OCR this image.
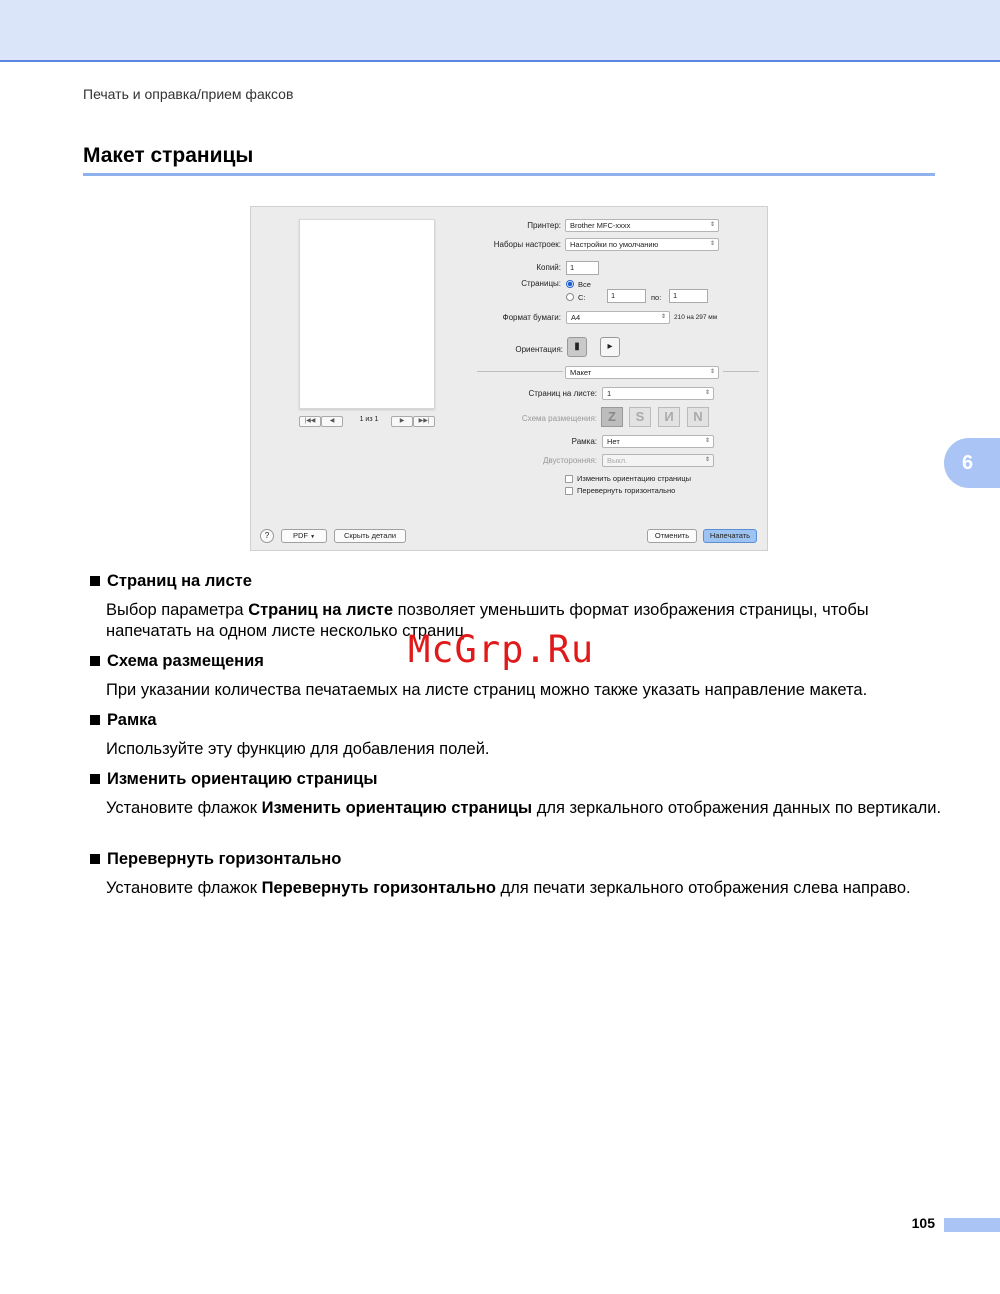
Печать и оправка/прием факсов
Макет страницы
|◀◀	◀	1 из 1	▶	▶▶|
Принтер:	Brother MFC-xxxx	⇕
Наборы настроек:	Настройки по умолчанию	⇕
Копий:	1
Страницы: Все
С:	1	по:	1
Формат бумаги:	A4	⇕ 210 на 297 мм
Ориентация:	▮	▸
Макет	⇕
Страниц на листе:	1	⇕
Схема размещения: Z	S	И	N
Рамка:	Нет	⇕
Двусторонняя:	Выкл.	⇕
Изменить ориентацию страницы
Перевернуть горизонтально
?	PDF ▼	Скрыть детали	Отменить	Напечатать
Страниц на листе
Выбор параметра Страниц на листе позволяет уменьшить формат изображения страницы, чтобы напечатать на одном листе несколько страниц.
Схема размещения
При указании количества печатаемых на листе страниц можно также указать направление макета.
Рамка
Используйте эту функцию для добавления полей.
Изменить ориентацию страницы
Установите флажок Изменить ориентацию страницы для зеркального отображения данных по вертикали.
Перевернуть горизонтально
Установите флажок Перевернуть горизонтально для печати зеркального отображения слева направо.
McGrp.Ru
6
105
